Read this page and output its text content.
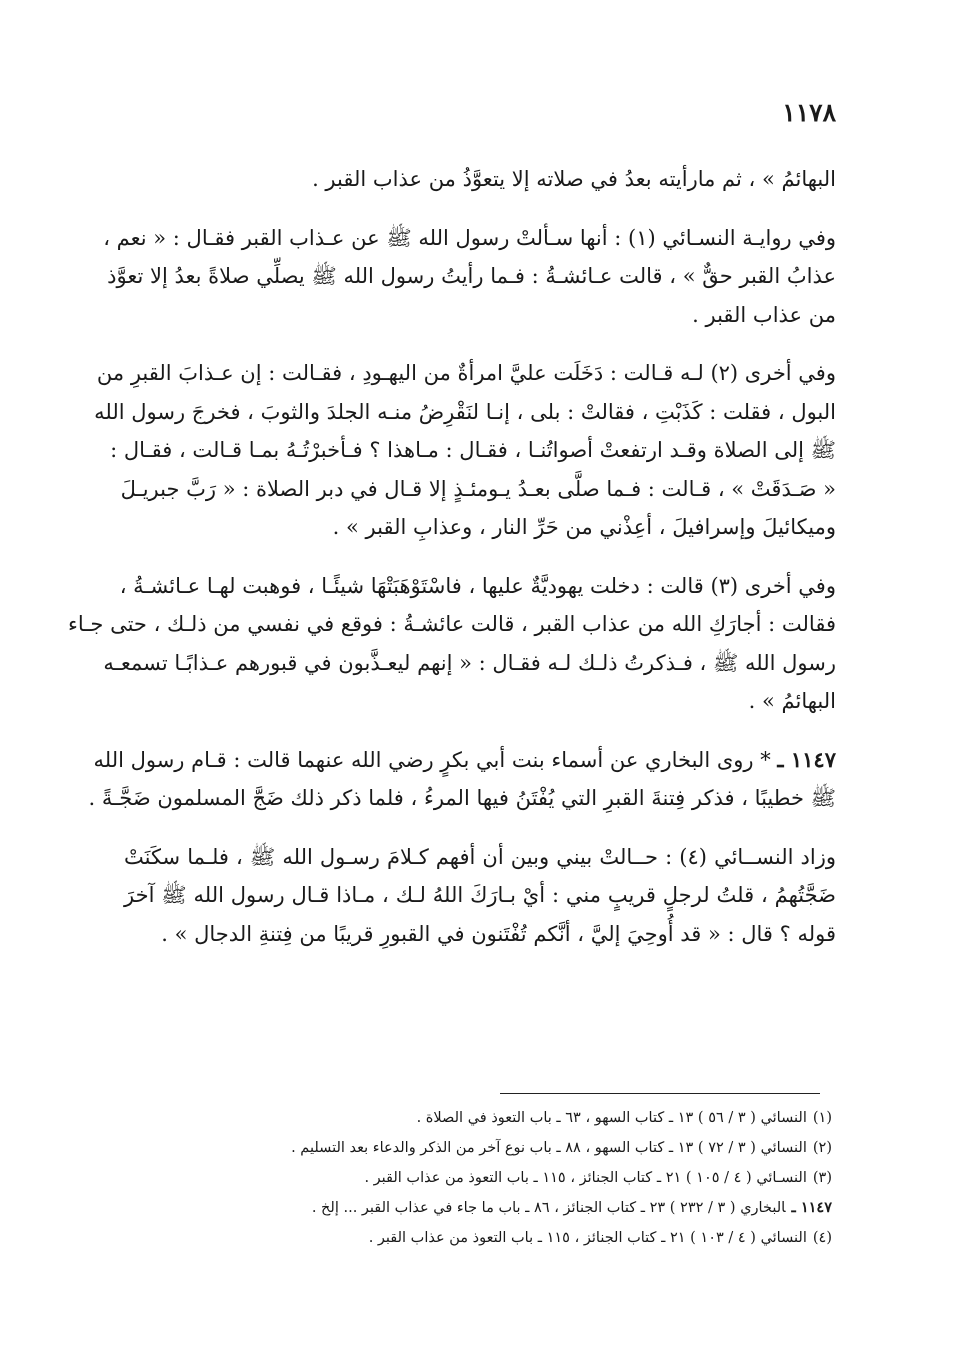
١١٧٨

البهائمُ » ، ثم مارأيته بعدُ في صلاته إلا يتعوَّذُ من عذاب القبر .

وفي روايـة النسـائي (١) : أنها سـألتْ رسول الله ﷺ عن عـذاب القبر فقـال : « نعم ،
عذابُ القبر حقٌّ » ، قالت عـائشـةُ : فـما رأيتُ رسول الله ﷺ يصلِّي صلاةً بعدُ إلا تعوَّذ
من عذاب القبر .

وفي أخرى (٢) لـه قـالت : دَخَلَت عليَّ امرأةٌ من اليهـودِ ، فقـالت : إن عـذابَ القبرِ من
البول ، فقلت : كَذَبْتِ ، فقالتْ : بلى ، إنـا لنَقْرِضُ منـه الجلدَ والثوبَ ، فخرجَ رسول الله
ﷺ إلى الصلاة وقـد ارتفعتْ أصواتُنـا ، فقـال : مـاهذا ؟ فـأخبرْتُـهُ بمـا قـالت ، فقـال :
« صَـدَقَتْ » ، قـالت : فـما صلَّى بعـدُ يـومئـذٍ إلا قـال في دبر الصلاة : « رَبَّ جبريـلَ
وميكائيلَ وإسرافيلَ ، أعِذْني من حَرِّ النار ، وعذابِ القبر » .

وفي أخرى (٣) قالت : دخلت يهوديَّةٌ عليها ، فاسْتَوْهَبَتْهَا شيئًـا ، فوهبت لهـا عـائشـةُ ،
فقالت : أجارَكِ الله من عذاب القبر ، قالت عائشـةُ : فوقع في نفسي من ذلـك ، حتى جـاء
رسول الله ﷺ ، فـذكرتُ ذلـك لـه فقـال : « إنهم ليعـذَّبون في قبورهم عـذابًـا تسمعـه
البهائمُ » .

١١٤٧ ـ * روى البخاري عن أسماء بنت أبي بكرٍ رضي الله عنهما قالت : قـام رسول الله
ﷺ خطيبًا ، فذكر فِتنةَ القبرِ التي يُفْتَنُ فيها المرءُ ، فلما ذكر ذلك ضَجَّ المسلمون ضَجَّـةً .

وزاد النســائي (٤) : حــالتْ بيني وبين أن أفهم كـلامَ رسـول الله ﷺ ، فلـما سكَنَتْ
ضَجَّتُهمُ ، قلتُ لرجلٍ قريبٍ مني : أيْ بـارَكَ اللهُ لـك ، مـاذا قـال رسول الله ﷺ آخرَ
قوله ؟ قال : « قد أُوحِيَ إليَّ ، أنَّكم تُفْتَنون في القبورِ قريبًا من فِتنةِ الدجال » .

(١)النسائي ( ٣ / ٥٦ ) ١٣ ـ كتاب السهو ، ٦٣ ـ باب التعوذ في الصلاة .
(٢)النسائي ( ٣ / ٧٢ ) ١٣ ـ كتاب السهو ، ٨٨ ـ باب نوع آخر من الذكر والدعاء بعد التسليم .
(٣)النسـائي ( ٤ / ١٠٥ ) ٢١ ـ كتاب الجنائز ، ١١٥ ـ باب التعوذ من عذاب القبر .
١١٤٧ ـالبخاري ( ٣ / ٢٣٢ ) ٢٣ ـ كتاب الجنائز ، ٨٦ ـ باب ما جاء في عذاب القبر ... إلخ .
(٤)النسائي ( ٤ / ١٠٣ ) ٢١ ـ كتاب الجنائز ، ١١٥ ـ باب التعوذ من عذاب القبر .
